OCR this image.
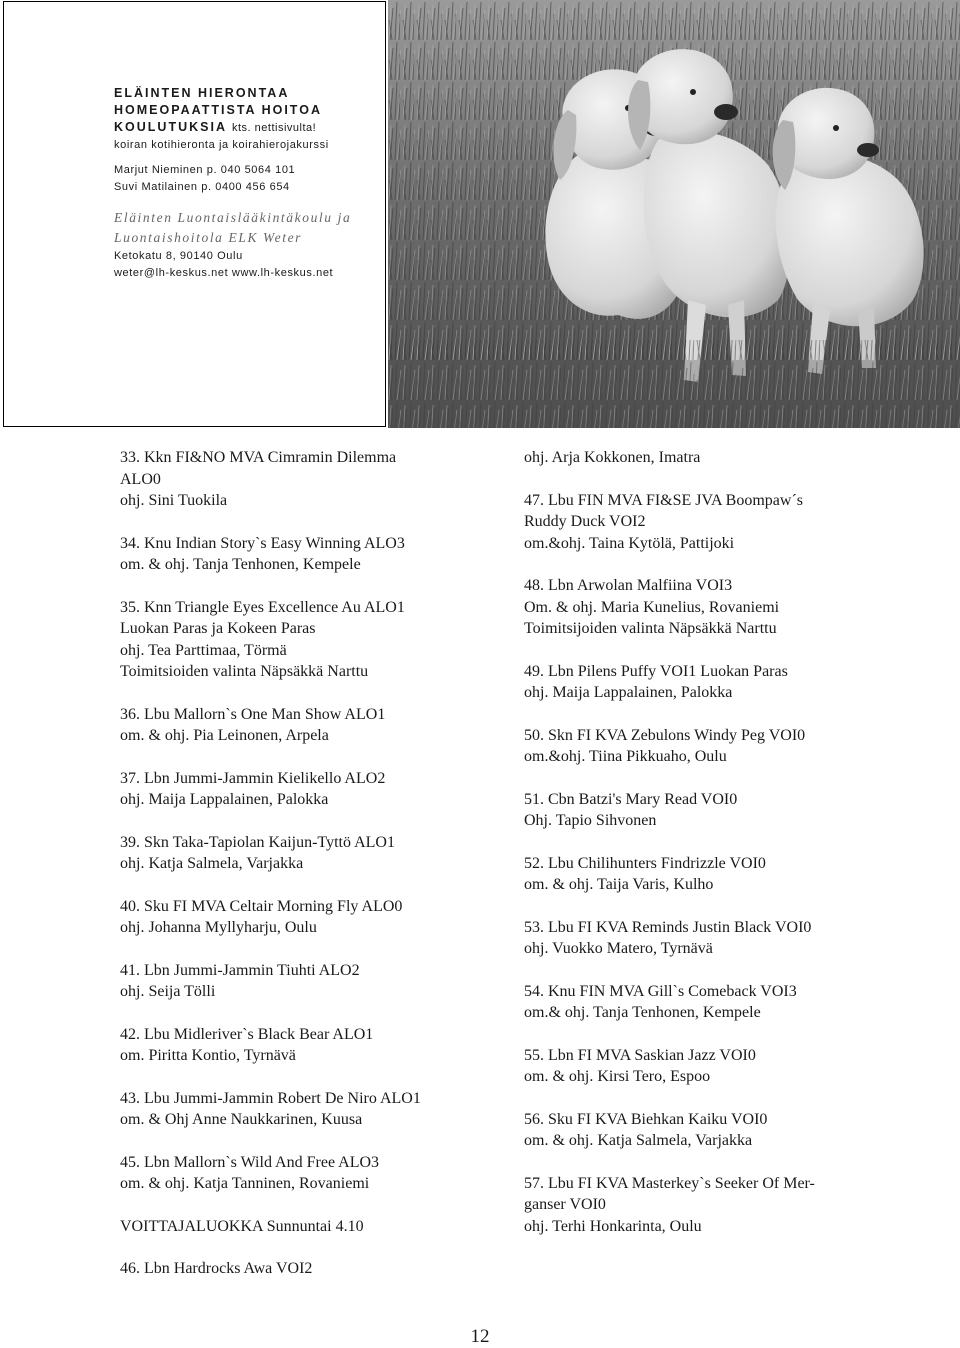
ELÄINTEN HIERONTAA
HOMEOPAATTISTA HOITOA
KOULUTUKSIA kts. nettisivulta!
koiran kotihieronta ja koirahierojakurssi
Marjut Nieminen p. 040 5064 101
Suvi Matilainen p. 0400 456 654
Eläinten Luontaislääkintäkoulu ja
Luontaishoitola ELK Weter
Ketokatu 8, 90140 Oulu
weter@lh-keskus.net www.lh-keskus.net
33. Kkn FI&NO MVA Cimramin Dilemma
ALO0
ohj. Sini Tuokila
34. Knu Indian Story`s Easy Winning ALO3
om. & ohj. Tanja Tenhonen, Kempele
35. Knn Triangle Eyes Excellence Au ALO1
Luokan Paras ja Kokeen Paras
ohj. Tea Parttimaa, Törmä
Toimitsioiden valinta Näpsäkkä Narttu
36. Lbu Mallorn`s One Man Show ALO1
om. & ohj. Pia Leinonen, Arpela
37. Lbn Jummi-Jammin Kielikello ALO2
ohj. Maija Lappalainen, Palokka
39. Skn Taka-Tapiolan Kaijun-Tyttö ALO1
ohj. Katja Salmela, Varjakka
40. Sku FI MVA Celtair Morning Fly ALO0
ohj. Johanna Myllyharju, Oulu
41. Lbn Jummi-Jammin Tiuhti ALO2
ohj. Seija Tölli
42. Lbu Midleriver`s Black Bear ALO1
om. Piritta Kontio, Tyrnävä
43. Lbu Jummi-Jammin Robert De Niro ALO1
om. & Ohj Anne Naukkarinen, Kuusa
45. Lbn Mallorn`s Wild And Free ALO3
om. & ohj. Katja Tanninen, Rovaniemi
VOITTAJALUOKKA Sunnuntai 4.10
46. Lbn Hardrocks Awa VOI2
ohj. Arja Kokkonen, Imatra
47. Lbu FIN MVA FI&SE JVA Boompaw´s
Ruddy Duck VOI2
om.&ohj. Taina Kytölä, Pattijoki
48. Lbn Arwolan Malfiina VOI3
Om. & ohj. Maria Kunelius, Rovaniemi
Toimitsijoiden valinta Näpsäkkä Narttu
49. Lbn Pilens Puffy VOI1 Luokan Paras
ohj. Maija Lappalainen, Palokka
50. Skn FI KVA Zebulons Windy Peg VOI0
om.&ohj. Tiina Pikkuaho, Oulu
51. Cbn Batzi's Mary Read VOI0
Ohj. Tapio Sihvonen
52. Lbu Chilihunters Findrizzle VOI0
om. & ohj. Taija Varis, Kulho
53. Lbu FI KVA Reminds Justin Black VOI0
ohj. Vuokko Matero, Tyrnävä
54. Knu FIN MVA Gill`s Comeback VOI3
om.& ohj. Tanja Tenhonen, Kempele
55. Lbn FI MVA Saskian Jazz VOI0
om. & ohj. Kirsi Tero, Espoo
56. Sku FI KVA Biehkan Kaiku VOI0
om. & ohj. Katja Salmela, Varjakka
57. Lbu FI KVA Masterkey`s Seeker Of Mer-
ganser VOI0
ohj. Terhi Honkarinta, Oulu
12
